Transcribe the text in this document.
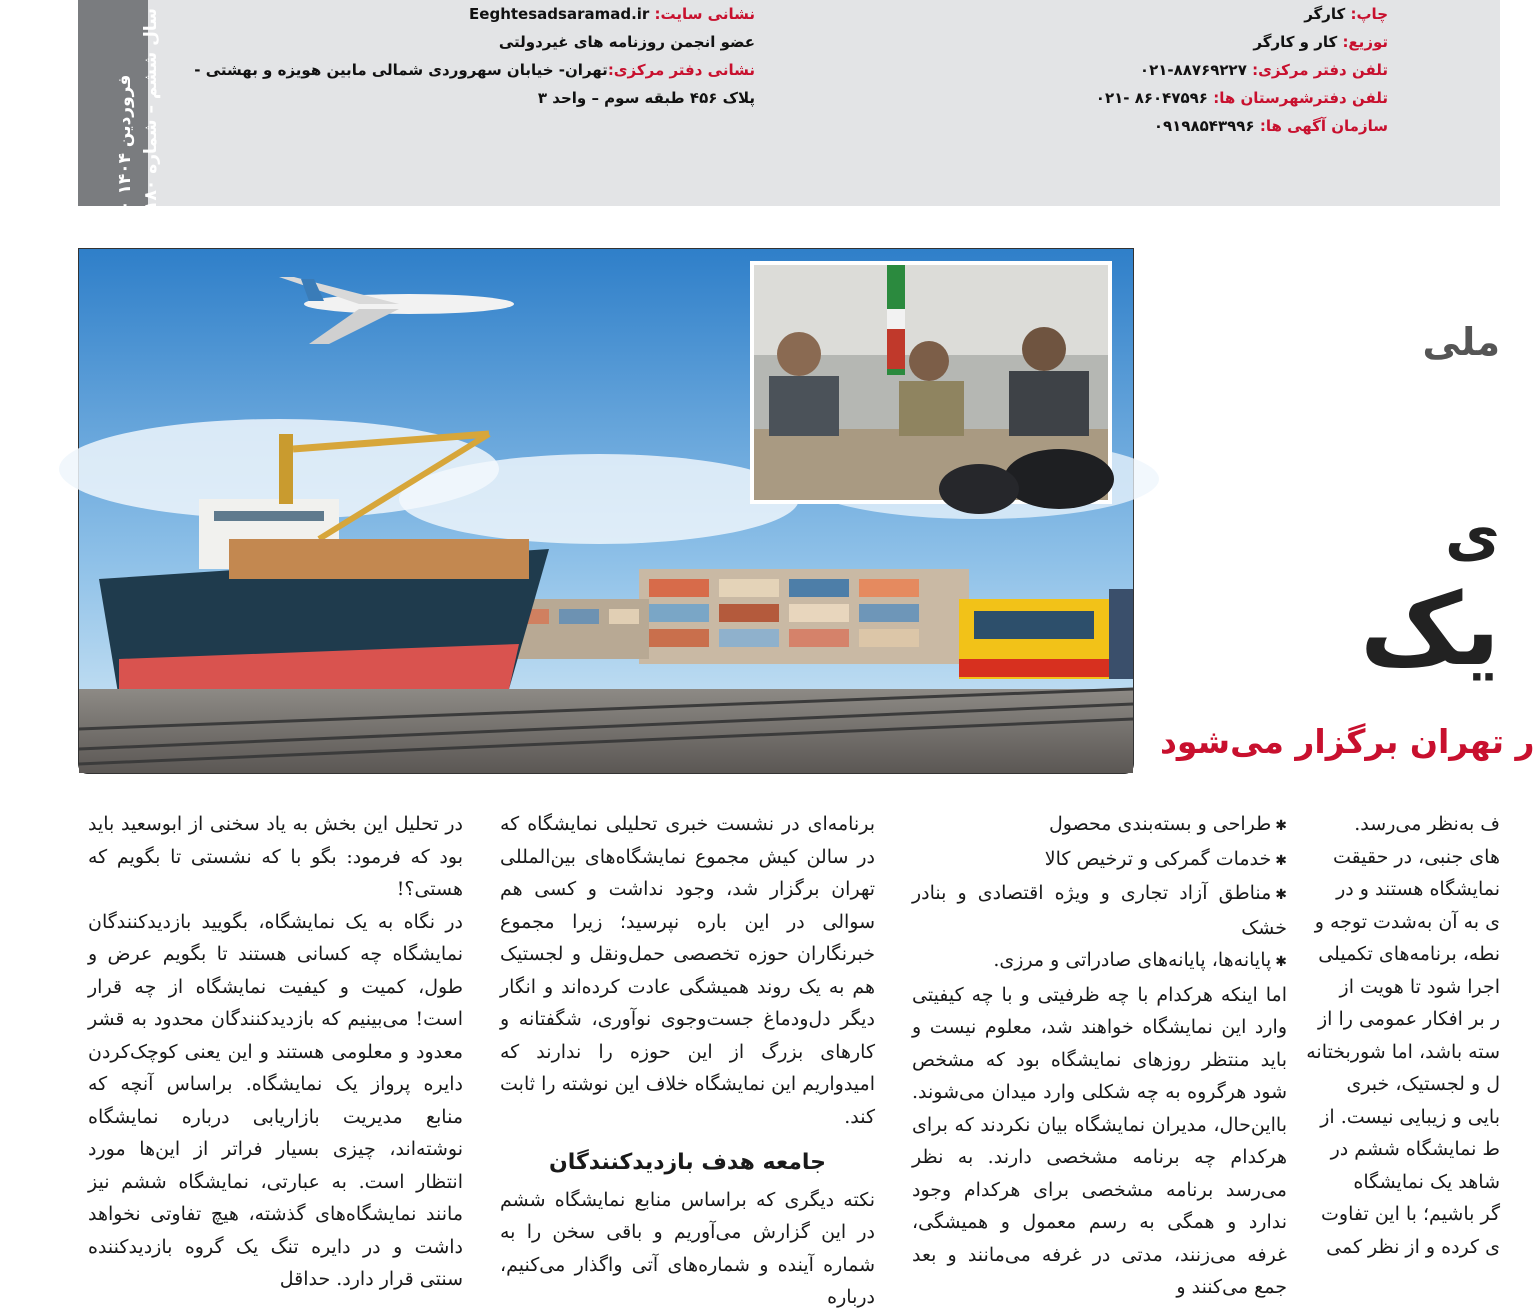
۳۰ فروردین ۱۴۰۴
سال ششم – شماره ۲۱۸۰	نشانی سایت: Eeghtesadsaramad.ir
عضو انجمن روزنامه های غیردولتی
نشانی دفتر مرکزی:تهران- خیابان سهروردی شمالی مابین هویزه و بهشتی -
پلاک ۴۵۶ طبقه سوم – واحد ۳
چاپ: کارگر
توزیع: کار و کارگر
تلفن دفتر مرکزی: ۸۸۷۶۹۲۲۷-۰۲۱
تلفن دفترشهرستان ها: ۸۶۰۴۷۵۹۶ -۰۲۱
سازمان آگهی ها: ۰۹۱۹۸۵۴۳۹۹۶
ملی
ی
یک
ر تهران برگزار می‌شود

ف به‌نظر می‌رسد.

های جنبی، در حقیقت

نمایشگاه هستند و در

ی به آن به‌شدت توجه و

نطه، برنامه‌های تکمیلی

اجرا شود تا هویت از

ر بر افکار عمومی را از

سته باشد، اما شوربختانه

ل و لجستیک، خبری

بایی و زیبایی نیست. از

ط نمایشگاه ششم در

شاهد یک نمایشگاه

گر باشیم؛ با این تفاوت

ی کرده و از نظر کمی

✱ طراحی و بسته‌بندی محصول

✱ خدمات گمرکی و ترخیص کالا

✱ مناطق آزاد تجاری و ویژه اقتصادی و بنادر خشک

✱ پایانه‌ها، پایانه‌های صادراتی و مرزی.

اما اینکه هرکدام با چه ظرفیتی و با چه کیفیتی وارد این نمایشگاه خواهند شد، معلوم نیست و باید منتظر روزهای نمایشگاه بود که مشخص شود هرگروه به چه شکلی وارد میدان می‌شوند. بااین‌حال، مدیران نمایشگاه بیان نکردند که برای هرکدام چه برنامه مشخصی دارند. به نظر می‌رسد برنامه مشخصی برای هرکدام وجود ندارد و همگی به رسم معمول و همیشگی، غرفه می‌زنند، مدتی در غرفه می‌مانند و بعد جمع می‌کنند و

برنامه‌ای در نشست خبری تحلیلی نمایشگاه که در سالن کیش مجموع نمایشگاه‌های بین‌المللی تهران برگزار شد، وجود نداشت و کسی هم سوالی در این باره نپرسید؛ زیرا مجموع خبرنگاران حوزه تخصصی حمل‌ونقل و لجستیک هم به یک روند همیشگی عادت کرده‌اند و انگار دیگر دل‌ودماغ جست‌وجوی نوآوری، شگفتانه و کارهای بزرگ از این حوزه را ندارند که امیدواریم این نمایشگاه خلاف این نوشته را ثابت کند.

جامعه هدف بازدیدکنندگان

نکته دیگری که براساس منابع نمایشگاه ششم در این گزارش می‌آوریم و باقی سخن را به شماره آینده و شماره‌های آتی واگذار می‌کنیم، درباره

در تحلیل این بخش به یاد سخنی از ابوسعید باید بود که فرمود: بگو با که نشستی تا بگویم که هستی؟!

در نگاه به یک نمایشگاه، بگویید بازدیدکنندگان نمایشگاه چه کسانی هستند تا بگویم عرض و طول، کمیت و کیفیت نمایشگاه از چه قرار است! می‌بینیم که بازدیدکنندگان محدود به قشر معدود و معلومی هستند و این یعنی کوچک‌کردن دایره پرواز یک نمایشگاه. براساس آنچه که منابع مدیریت بازاریابی درباره نمایشگاه نوشته‌اند، چیزی بسیار فراتر از این‌ها مورد انتظار است. به عبارتی، نمایشگاه ششم نیز مانند نمایشگاه‌های گذشته، هیچ تفاوتی نخواهد داشت و در دایره تنگ یک گروه بازدیدکننده سنتی قرار دارد. حداقل
